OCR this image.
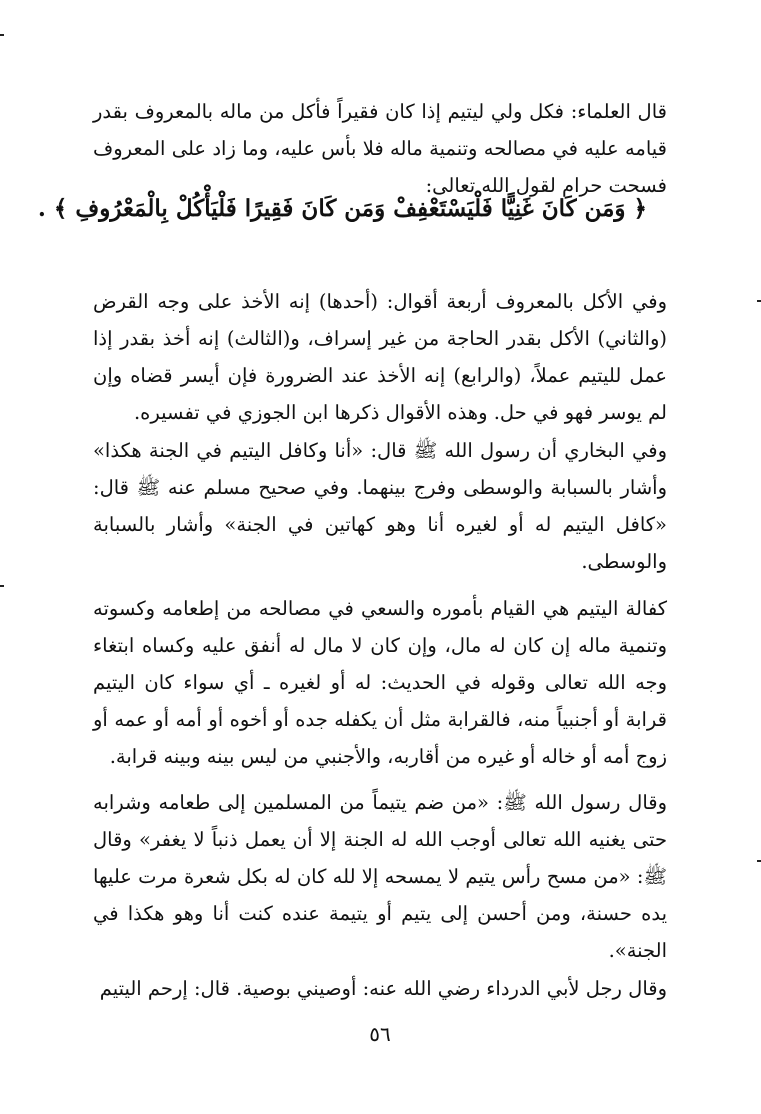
قال العلماء: فكل ولي ليتيم إذا كان فقيراً فأكل من ماله بالمعروف بقدر قيامه عليه في مصالحه وتنمية ماله فلا بأس عليه، وما زاد على المعروف فسحت حرام لقول الله تعالى:

﴿ وَمَن كَانَ غَنِيًّا فَلْيَسْتَعْفِفْ وَمَن كَانَ فَقِيرًا فَلْيَأْكُلْ بِالْمَعْرُوفِ ﴾ .

وفي الأكل بالمعروف أربعة أقوال: (أحدها) إنه الأخذ على وجه القرض (والثاني) الأكل بقدر الحاجة من غير إسراف، و(الثالث) إنه أخذ بقدر إذا عمل لليتيم عملاً، (والرابع) إنه الأخذ عند الضرورة فإن أيسر قضاه وإن لم يوسر فهو في حل. وهذه الأقوال ذكرها ابن الجوزي في تفسيره.

وفي البخاري أن رسول الله ﷺ قال: «أنا وكافل اليتيم في الجنة هكذا» وأشار بالسبابة والوسطى وفرج بينهما. وفي صحيح مسلم عنه ﷺ قال: «كافل اليتيم له أو لغيره أنا وهو كهاتين في الجنة» وأشار بالسبابة والوسطى.

كفالة اليتيم هي القيام بأموره والسعي في مصالحه من إطعامه وكسوته وتنمية ماله إن كان له مال، وإن كان لا مال له أنفق عليه وكساه ابتغاء وجه الله تعالى وقوله في الحديث: له أو لغيره ـ أي سواء كان اليتيم قرابة أو أجنبياً منه، فالقرابة مثل أن يكفله جده أو أخوه أو أمه أو عمه أو زوج أمه أو خاله أو غيره من أقاربه، والأجنبي من ليس بينه وبينه قرابة.

وقال رسول الله ﷺ: «من ضم يتيماً من المسلمين إلى طعامه وشرابه حتى يغنيه الله تعالى أوجب الله له الجنة إلا أن يعمل ذنباً لا يغفر» وقال ﷺ: «من مسح رأس يتيم لا يمسحه إلا لله كان له بكل شعرة مرت عليها يده حسنة، ومن أحسن إلى يتيم أو يتيمة عنده كنت أنا وهو هكذا في الجنة».

وقال رجل لأبي الدرداء رضي الله عنه: أوصيني بوصية. قال: إرحم اليتيم

٥٦
